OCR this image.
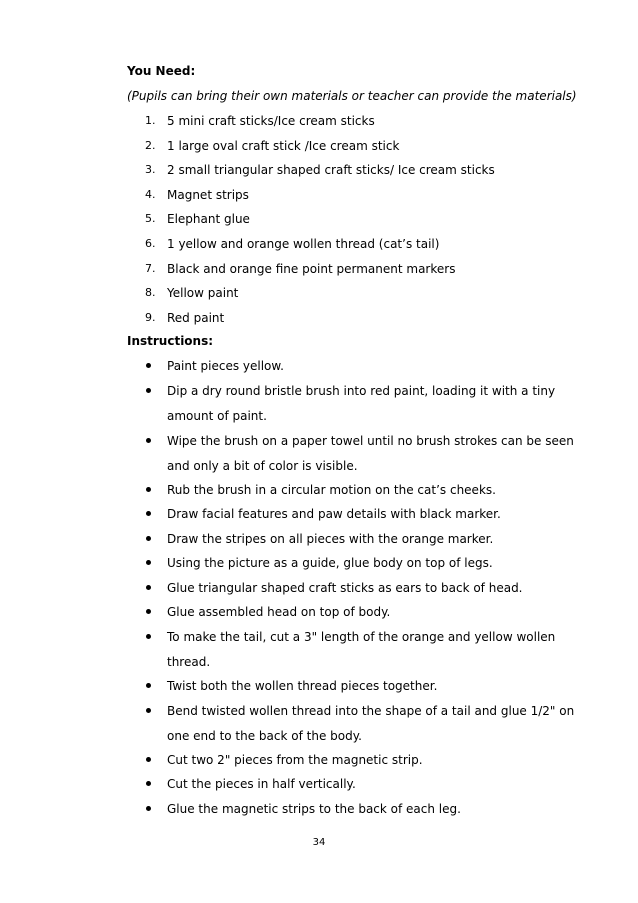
You Need:
(Pupils can bring their own materials or teacher can provide the materials)
1. 5 mini craft sticks/Ice cream sticks
2. 1 large oval craft stick /Ice cream stick
3. 2 small triangular shaped craft sticks/ Ice cream sticks
4. Magnet strips
5. Elephant glue
6. 1 yellow and orange wollen thread (cat’s tail)
7. Black and orange fine point permanent markers
8. Yellow paint
9. Red paint
Instructions:
Paint pieces yellow.
Dip a dry round bristle brush into red paint, loading it with a tiny
amount of paint.
Wipe the brush on a paper towel until no brush strokes can be seen
and only a bit of color is visible.
Rub the brush in a circular motion on the cat’s cheeks.
Draw facial features and paw details with black marker.
Draw the stripes on all pieces with the orange marker.
Using the picture as a guide, glue body on top of legs.
Glue triangular shaped craft sticks as ears to back of head.
Glue assembled head on top of body.
To make the tail, cut a 3" length of the orange and yellow wollen
thread.
Twist both the wollen thread pieces together.
Bend twisted wollen thread into the shape of a tail and glue 1/2" on
one end to the back of the body.
Cut two 2" pieces from the magnetic strip.
Cut the pieces in half vertically.
Glue the magnetic strips to the back of each leg.
34
